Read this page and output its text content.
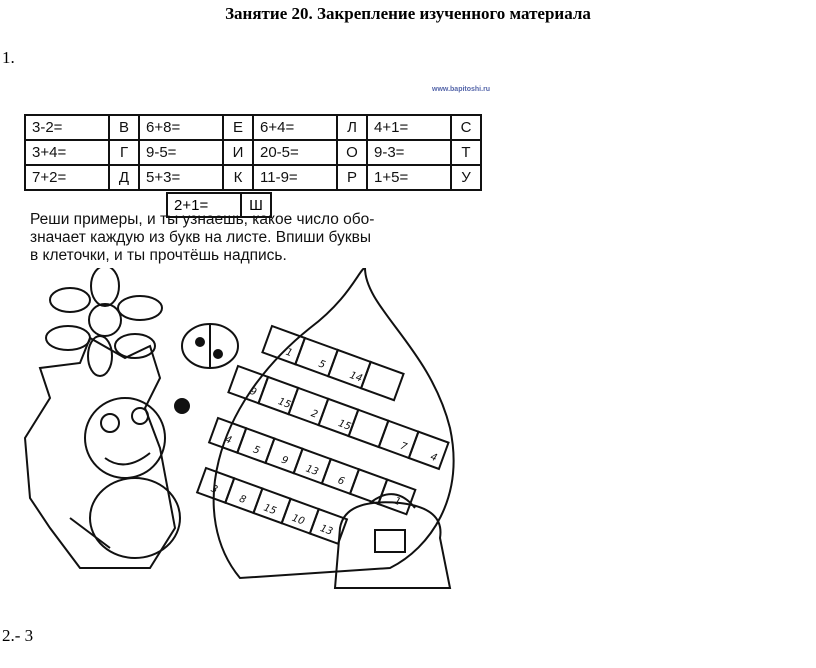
Занятие 20. Закрепление изученного материала
1.
2.- 3
www.bapitoshi.ru
3-2=	В	6+8=	Е	6+4=	Л	4+1=	С
3+4=	Г	9-5=	И	20-5=	О	9-3=	Т
7+2=	Д	5+3=	К	11-9=	Р	1+5=	У
2+1=	Ш
Реши примеры, и ты узнаешь, какое число обо-
значает каждую из букв на листе. Впиши буквы
в клеточки, и ты прочтёшь надпись.
1
5
14
9
15
2
15
7
4
4
5
9
13
6
1
3
8
15
10
13
